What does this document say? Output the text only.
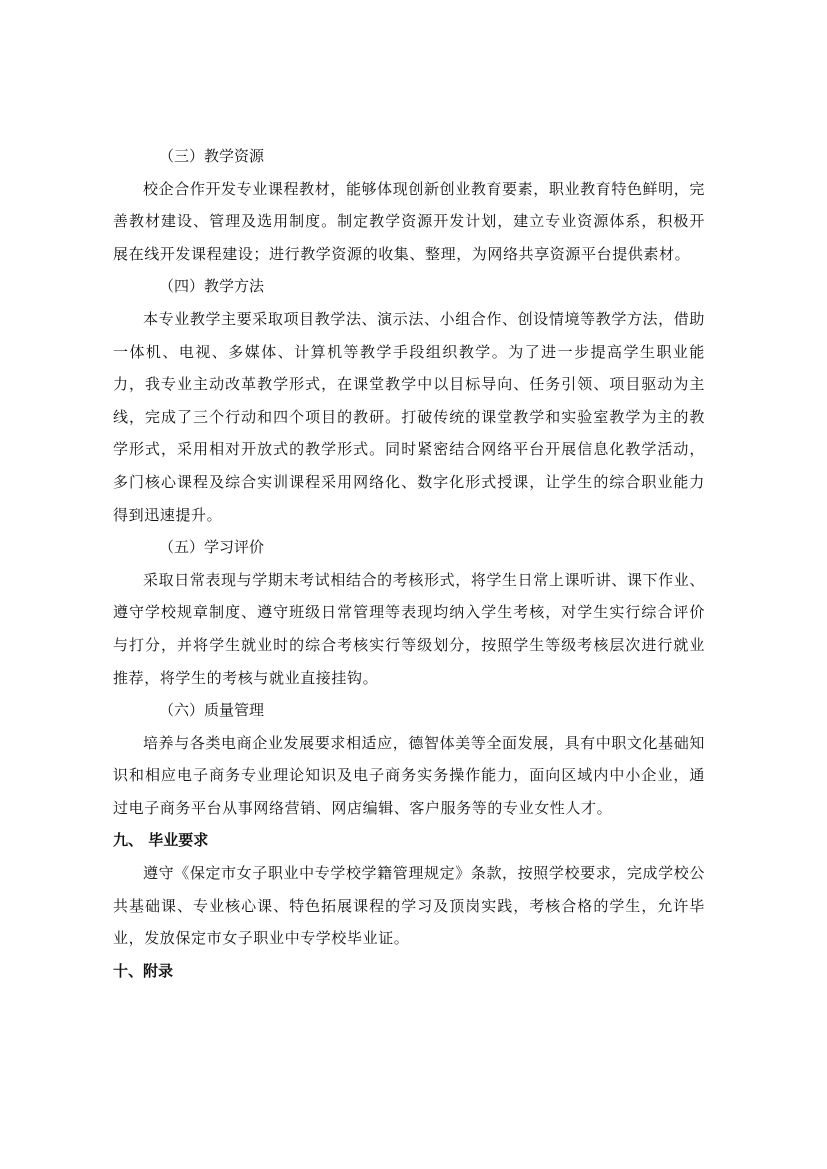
（三）教学资源

校企合作开发专业课程教材，能够体现创新创业教育要素，职业教育特色鲜明，完善教材建设、管理及选用制度。制定教学资源开发计划，建立专业资源体系，积极开展在线开发课程建设；进行教学资源的收集、整理，为网络共享资源平台提供素材。

（四）教学方法

本专业教学主要采取项目教学法、演示法、小组合作、创设情境等教学方法，借助一体机、电视、多媒体、计算机等教学手段组织教学。为了进一步提高学生职业能力，我专业主动改革教学形式，在课堂教学中以目标导向、任务引领、项目驱动为主线，完成了三个行动和四个项目的教研。打破传统的课堂教学和实验室教学为主的教学形式，采用相对开放式的教学形式。同时紧密结合网络平台开展信息化教学活动，多门核心课程及综合实训课程采用网络化、数字化形式授课，让学生的综合职业能力得到迅速提升。

（五）学习评价

采取日常表现与学期末考试相结合的考核形式，将学生日常上课听讲、课下作业、遵守学校规章制度、遵守班级日常管理等表现均纳入学生考核，对学生实行综合评价与打分，并将学生就业时的综合考核实行等级划分，按照学生等级考核层次进行就业推荐，将学生的考核与就业直接挂钩。

（六）质量管理

培养与各类电商企业发展要求相适应，德智体美等全面发展，具有中职文化基础知识和相应电子商务专业理论知识及电子商务实务操作能力，面向区域内中小企业，通过电子商务平台从事网络营销、网店编辑、客户服务等的专业女性人才。

九、 毕业要求

遵守《保定市女子职业中专学校学籍管理规定》条款，按照学校要求，完成学校公共基础课、专业核心课、特色拓展课程的学习及顶岗实践，考核合格的学生，允许毕业，发放保定市女子职业中专学校毕业证。

十、附录
